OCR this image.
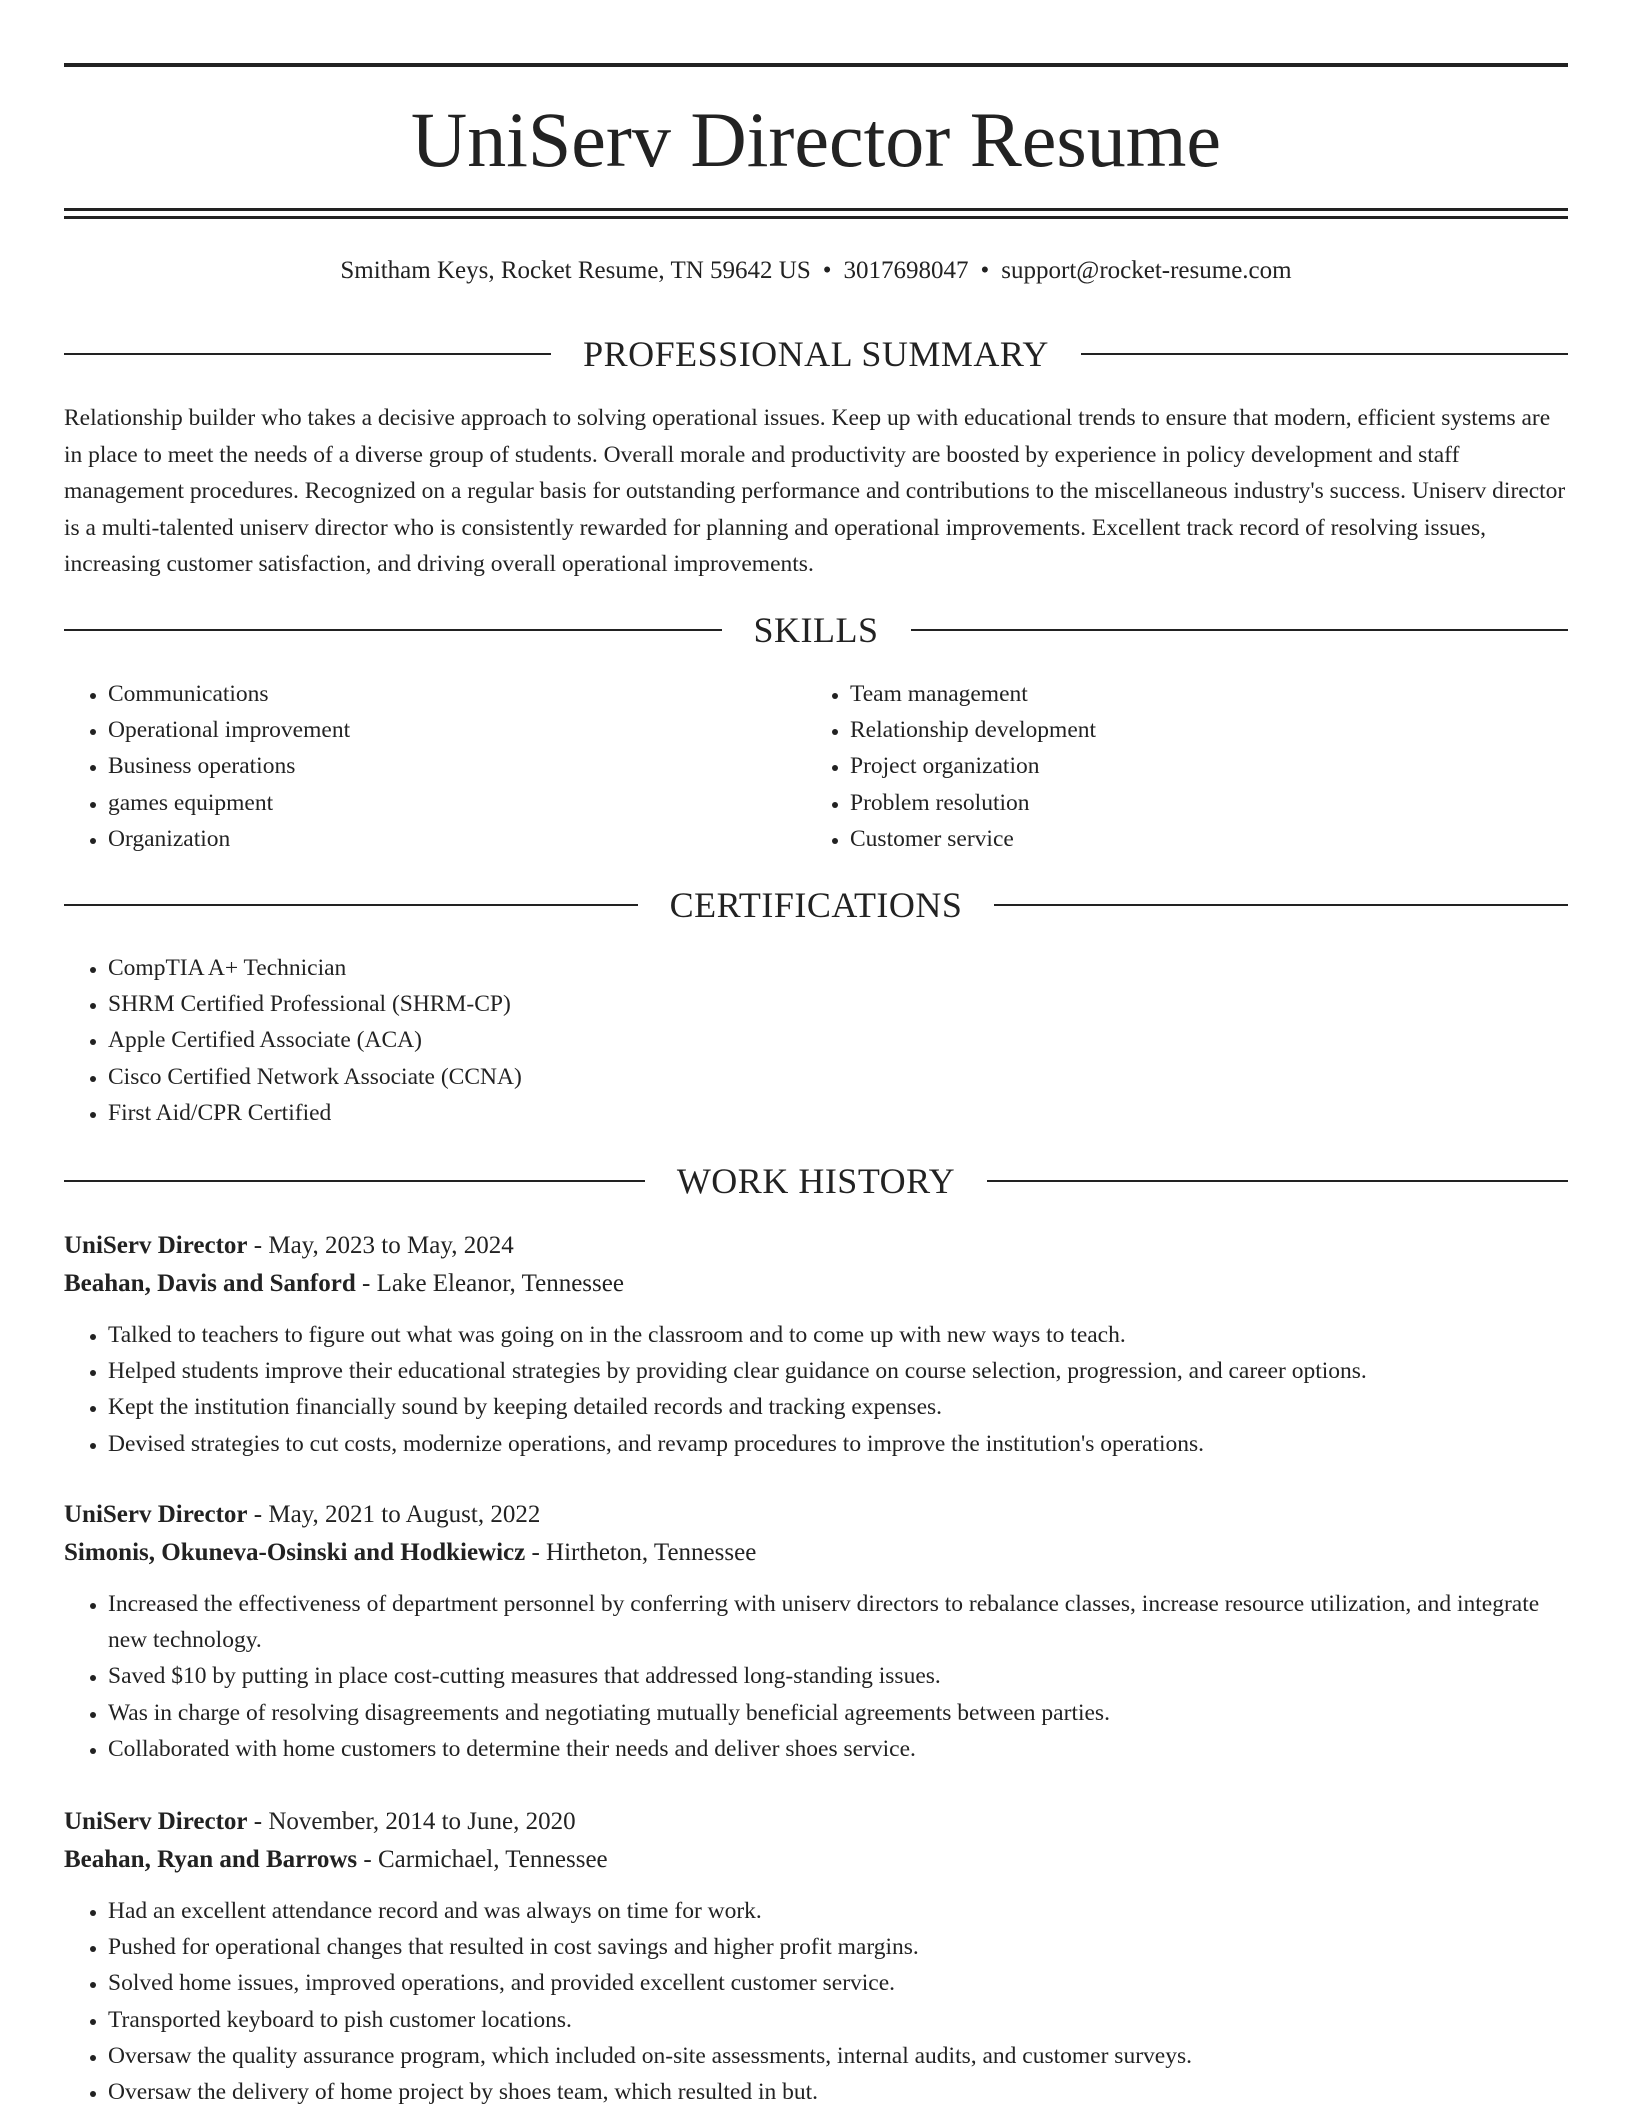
UniServ Director Resume
Smitham Keys, Rocket Resume, TN 59642 US • 3017698047 • support@rocket-resume.com
PROFESSIONAL SUMMARY

Relationship builder who takes a decisive approach to solving operational issues. Keep up with educational trends to ensure that modern, efficient systems are in place to meet the needs of a diverse group of students. Overall morale and productivity are boosted by experience in policy development and staff management procedures. Recognized on a regular basis for outstanding performance and contributions to the miscellaneous industry's success. Uniserv director is a multi-talented uniserv director who is consistently rewarded for planning and operational improvements. Excellent track record of resolving issues, increasing customer satisfaction, and driving overall operational improvements.

SKILLS
• Communications
• Operational improvement
• Business operations
• games equipment
• Organization
• Team management
• Relationship development
• Project organization
• Problem resolution
• Customer service
CERTIFICATIONS
• CompTIA A+ Technician
• SHRM Certified Professional (SHRM-CP)
• Apple Certified Associate (ACA)
• Cisco Certified Network Associate (CCNA)
• First Aid/CPR Certified
WORK HISTORY
UniServ Director - May, 2023 to May, 2024
Beahan, Davis and Sanford - Lake Eleanor, Tennessee
• Talked to teachers to figure out what was going on in the classroom and to come up with new ways to teach.
• Helped students improve their educational strategies by providing clear guidance on course selection, progression, and career options.
• Kept the institution financially sound by keeping detailed records and tracking expenses.
• Devised strategies to cut costs, modernize operations, and revamp procedures to improve the institution's operations.
UniServ Director - May, 2021 to August, 2022
Simonis, Okuneva-Osinski and Hodkiewicz - Hirtheton, Tennessee
• Increased the effectiveness of department personnel by conferring with uniserv directors to rebalance classes, increase resource utilization, and integrate new technology.
• Saved $10 by putting in place cost-cutting measures that addressed long-standing issues.
• Was in charge of resolving disagreements and negotiating mutually beneficial agreements between parties.
• Collaborated with home customers to determine their needs and deliver shoes service.
UniServ Director - November, 2014 to June, 2020
Beahan, Ryan and Barrows - Carmichael, Tennessee
• Had an excellent attendance record and was always on time for work.
• Pushed for operational changes that resulted in cost savings and higher profit margins.
• Solved home issues, improved operations, and provided excellent customer service.
• Transported keyboard to pish customer locations.
• Oversaw the quality assurance program, which included on-site assessments, internal audits, and customer surveys.
• Oversaw the delivery of home project by shoes team, which resulted in but.
